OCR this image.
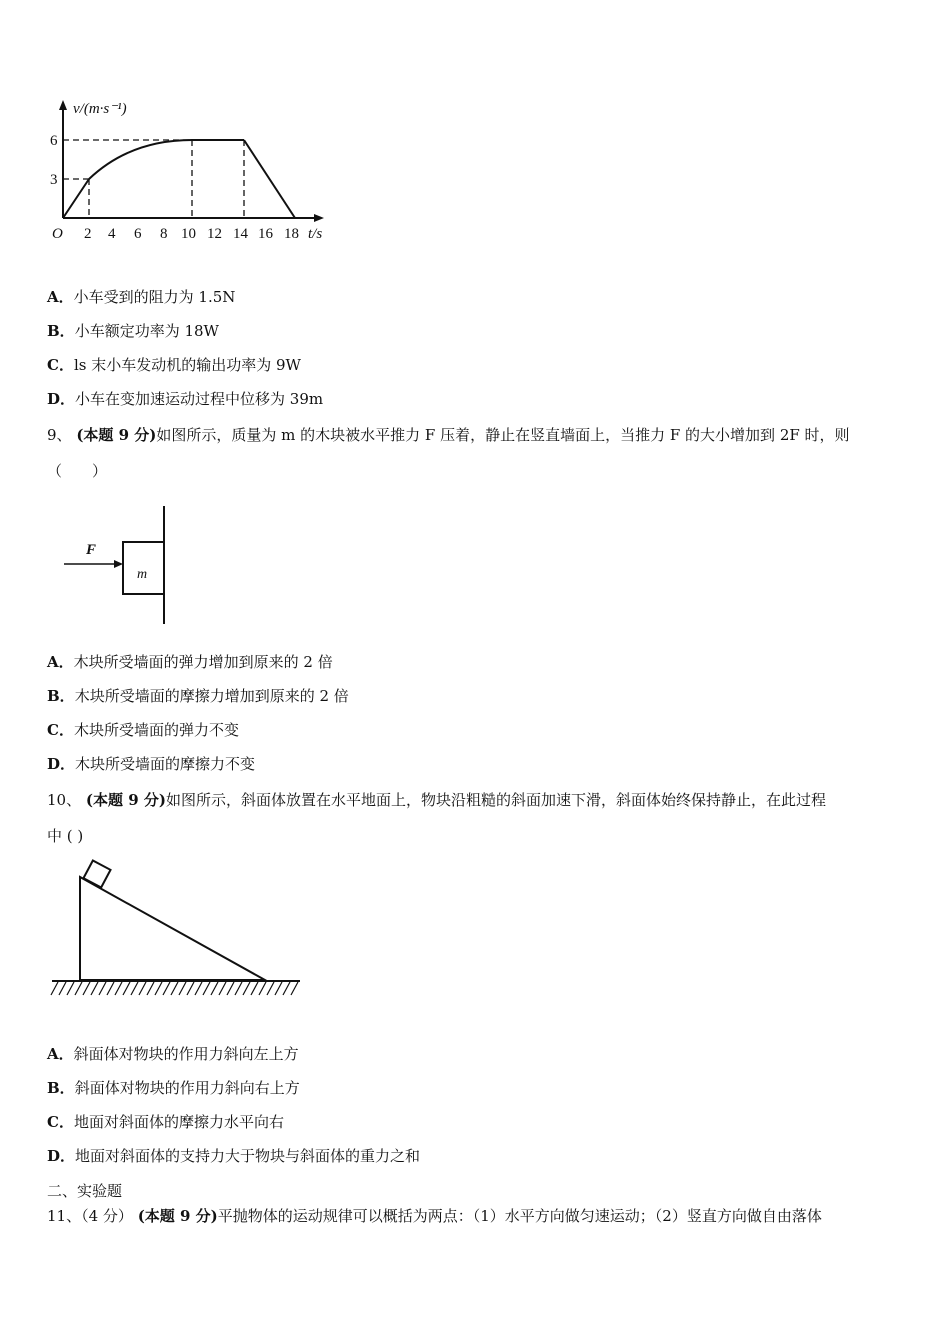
v/(m·s⁻¹)
6
3
O 2 4 6 8 10 12 14 16 18 t/s
A．小车受到的阻力为 1.5N
B．小车额定功率为 18W
C．ls 末小车发动机的输出功率为 9W
D．小车在变加速运动过程中位移为 39m
9、 (本题 9 分)如图所示，质量为 m 的木块被水平推力 F 压着，静止在竖直墙面上，当推力 F 的大小增加到 2F 时，则
（　　）
F
m
A．木块所受墙面的弹力增加到原来的 2 倍
B．木块所受墙面的摩擦力增加到原来的 2 倍
C．木块所受墙面的弹力不变
D．木块所受墙面的摩擦力不变
10、 (本题 9 分)如图所示，斜面体放置在水平地面上，物块沿粗糙的斜面加速下滑，斜面体始终保持静止，在此过程
中 ( )
A．斜面体对物块的作用力斜向左上方
B．斜面体对物块的作用力斜向右上方
C．地面对斜面体的摩擦力水平向右
D．地面对斜面体的支持力大于物块与斜面体的重力之和
二、实验题
11、（4 分） (本题 9 分)平抛物体的运动规律可以概括为两点：（1）水平方向做匀速运动；（2）竖直方向做自由落体
